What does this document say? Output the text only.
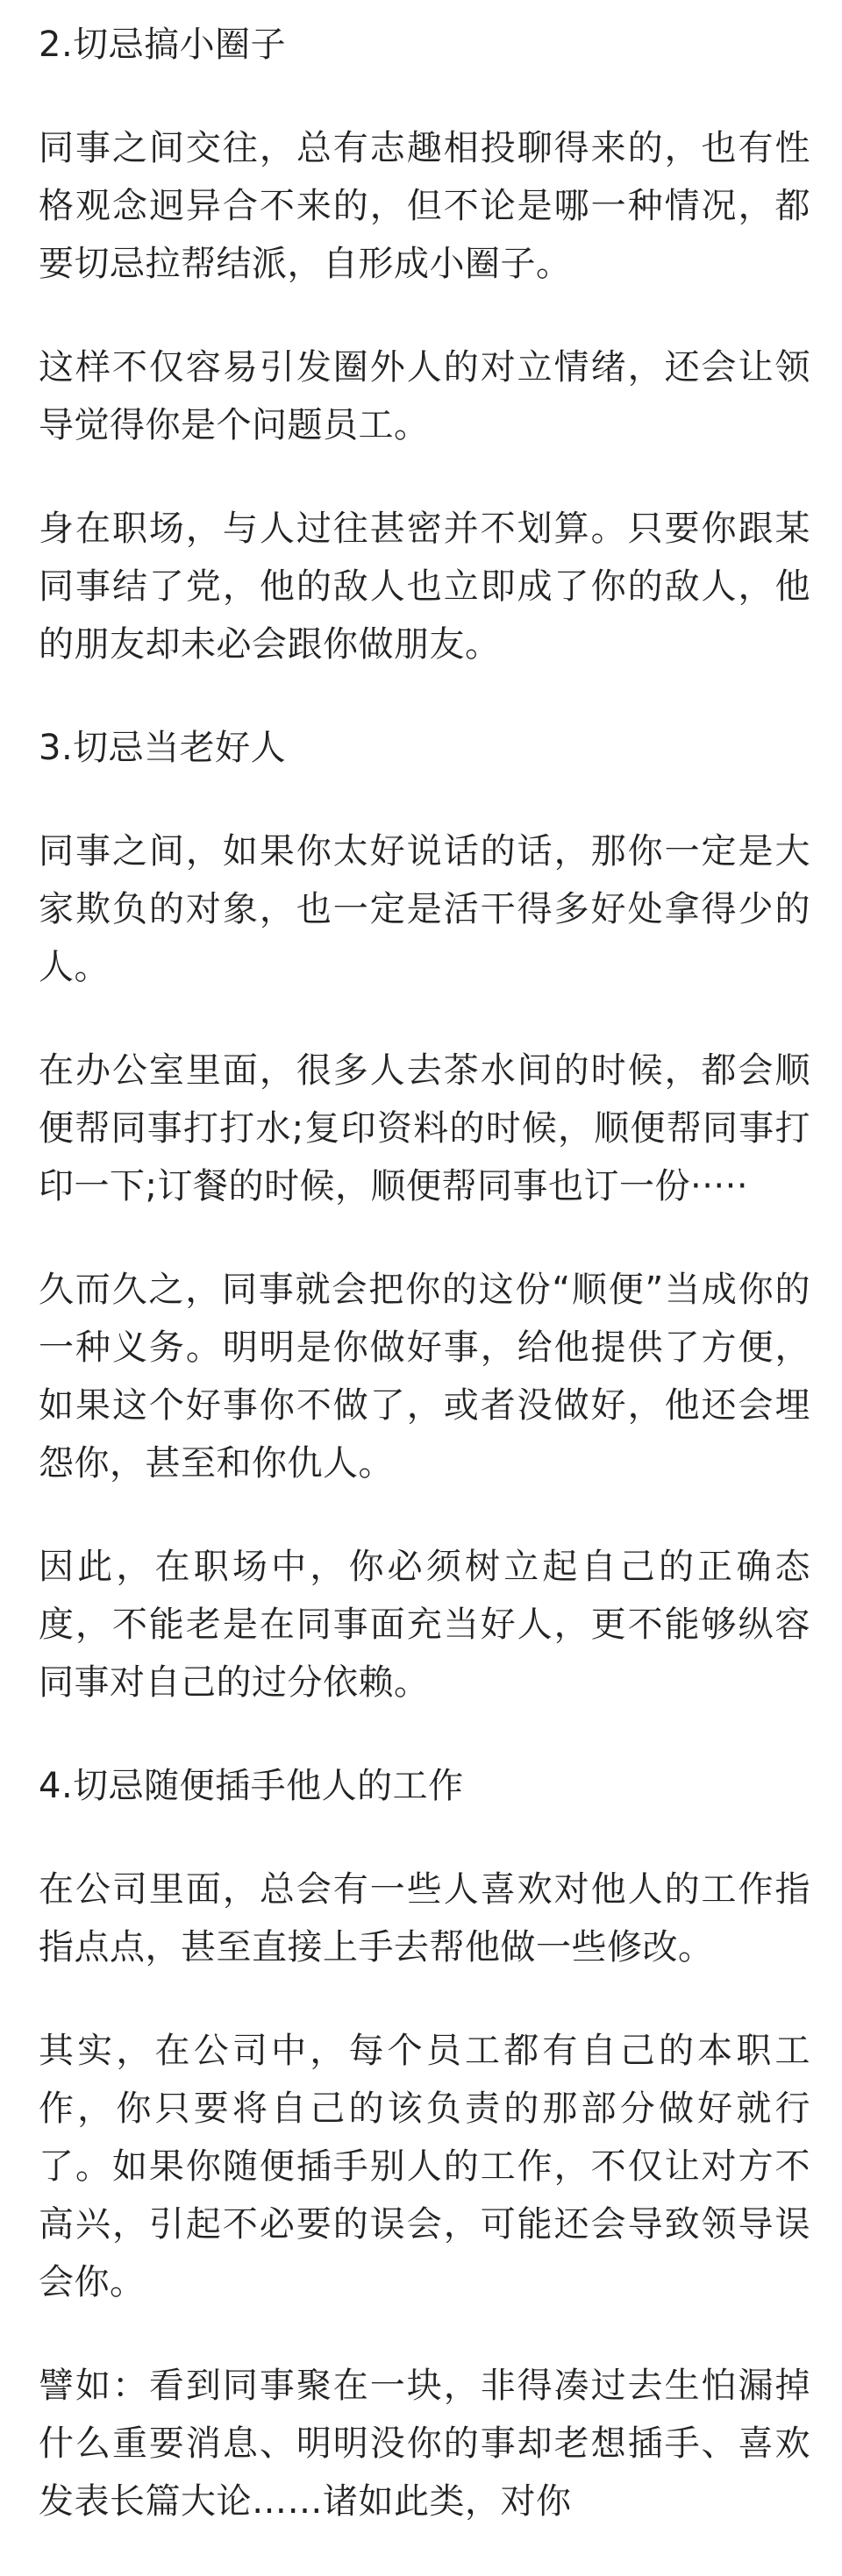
2.切忌搞小圈子
同事之间交往，总有志趣相投聊得来的，也有性格观念迥异合不来的，但不论是哪一种情况，都要切忌拉帮结派，自形成小圈子。
这样不仅容易引发圈外人的对立情绪，还会让领导觉得你是个问题员工。
身在职场，与人过往甚密并不划算。只要你跟某同事结了党，他的敌人也立即成了你的敌人，他的朋友却未必会跟你做朋友。
3.切忌当老好人
同事之间，如果你太好说话的话，那你一定是大家欺负的对象，也一定是活干得多好处拿得少的人。
在办公室里面，很多人去茶水间的时候，都会顺便帮同事打打水;复印资料的时候，顺便帮同事打印一下;订餐的时候，顺便帮同事也订一份·····
久而久之，同事就会把你的这份“顺便”当成你的一种义务。明明是你做好事，给他提供了方便，如果这个好事你不做了，或者没做好，他还会埋怨你，甚至和你仇人。
因此，在职场中，你必须树立起自己的正确态度，不能老是在同事面充当好人，更不能够纵容同事对自己的过分依赖。
4.切忌随便插手他人的工作
在公司里面，总会有一些人喜欢对他人的工作指指点点，甚至直接上手去帮他做一些修改。
其实，在公司中，每个员工都有自己的本职工作，你只要将自己的该负责的那部分做好就行了。如果你随便插手别人的工作，不仅让对方不高兴，引起不必要的误会，可能还会导致领导误会你。
譬如：看到同事聚在一块，非得凑过去生怕漏掉什么重要消息、明明没你的事却老想插手、喜欢发表长篇大论……诸如此类，对你
